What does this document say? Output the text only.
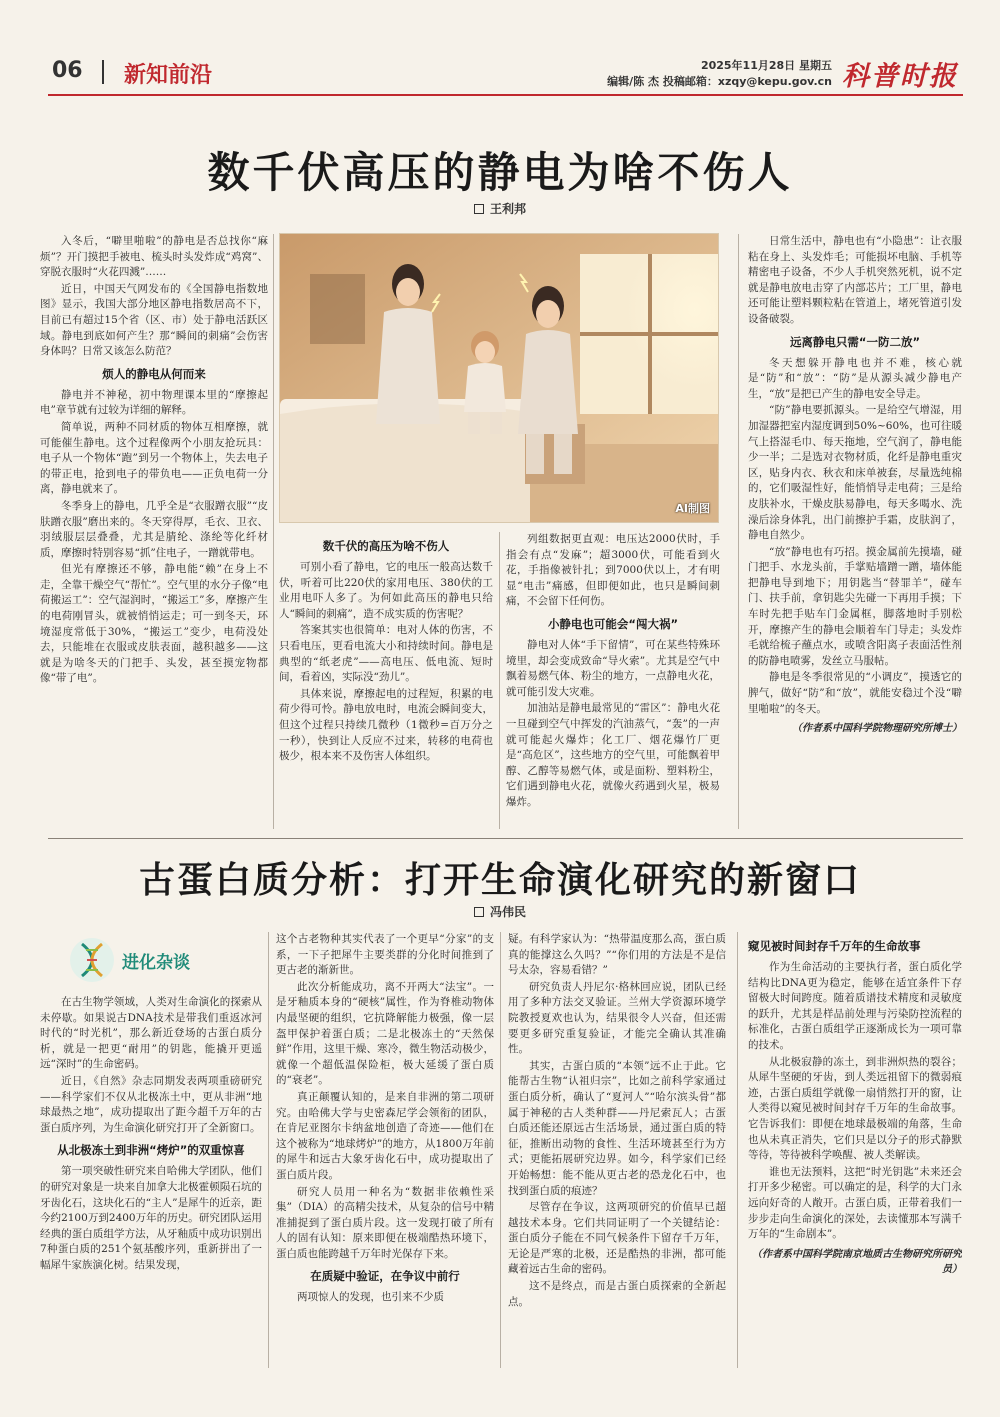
06 新知前沿	2025年11月28日 星期五
编辑/陈 杰 投稿邮箱：xzqy@kepu.gov.cn 科普时报
数千伏高压的静电为啥不伤人
王利邦

入冬后，“噼里啪啦”的静电是否总找你“麻烦”？开门摸把手被电、梳头时头发炸成“鸡窝”、穿脱衣服时“火花四溅”……

近日，中国天气网发布的《全国静电指数地图》显示，我国大部分地区静电指数居高不下，目前已有超过15个省（区、市）处于静电活跃区域。静电到底如何产生？那“瞬间的刺痛”会伤害身体吗？日常又该怎么防范？

烦人的静电从何而来

静电并不神秘，初中物理课本里的“摩擦起电”章节就有过较为详细的解释。

简单说，两种不同材质的物体互相摩擦，就可能催生静电。这个过程像两个小朋友抢玩具：电子从一个物体“跑”到另一个物体上，失去电子的带正电，抢到电子的带负电——正负电荷一分离，静电就来了。

冬季身上的静电，几乎全是“衣服蹭衣服”“皮肤蹭衣服”磨出来的。冬天穿得厚，毛衣、卫衣、羽绒服层层叠叠，尤其是腈纶、涤纶等化纤材质，摩擦时特别容易“抓”住电子，一蹭就带电。

但光有摩擦还不够，静电能“赖”在身上不走，全靠干燥空气“帮忙”。空气里的水分子像“电荷搬运工”：空气湿润时，“搬运工”多，摩擦产生的电荷刚冒头，就被悄悄运走；可一到冬天，环境湿度常低于30%，“搬运工”变少，电荷没处去，只能堆在衣服或皮肤表面，越积越多——这就是为啥冬天的门把手、头发，甚至摸宠物都像“带了电”。

AI制图
数千伏的高压为啥不伤人

可别小看了静电，它的电压一般高达数千伏，听着可比220伏的家用电压、380伏的工业用电吓人多了。为何如此高压的静电只给人“瞬间的刺痛”，造不成实质的伤害呢？

答案其实也很简单：电对人体的伤害，不只看电压，更看电流大小和持续时间。静电是典型的“纸老虎”——高电压、低电流、短时间，看着凶，实际没“劲儿”。

具体来说，摩擦起电的过程短，积累的电荷少得可怜。静电放电时，电流会瞬间变大，但这个过程只持续几微秒（1微秒=百万分之一秒），快到让人反应不过来，转移的电荷也极少，根本来不及伤害人体组织。

列组数据更直观：电压达2000伏时，手指会有点“发麻”；超3000伏，可能看到火花，手指像被针扎；到7000伏以上，才有明显“电击”痛感，但即便如此，也只是瞬间刺痛，不会留下任何伤。

小静电也可能会“闯大祸”

静电对人体“手下留情”，可在某些特殊环境里，却会变成致命“导火索”。尤其是空气中飘着易燃气体、粉尘的地方，一点静电火花，就可能引发大灾难。

加油站是静电最常见的“雷区”：静电火花一旦碰到空气中挥发的汽油蒸气，“轰”的一声就可能起火爆炸；化工厂、烟花爆竹厂更是“高危区”，这些地方的空气里，可能飘着甲醇、乙醇等易燃气体，或是面粉、塑料粉尘，它们遇到静电火花，就像火药遇到火星，极易爆炸。

日常生活中，静电也有“小隐患”：让衣服粘在身上、头发炸毛；可能损坏电脑、手机等精密电子设备，不少人手机突然死机，说不定就是静电放电击穿了内部芯片；工厂里，静电还可能让塑料颗粒粘在管道上，堵死管道引发设备破裂。

远离静电只需“一防二放”

冬天想躲开静电也并不难，核心就是“防”和“放”：“防”是从源头减少静电产生，“放”是把已产生的静电安全导走。

“防”静电要抓源头。一是给空气增湿，用加湿器把室内湿度调到50%~60%，也可往暖气上搭湿毛巾、每天拖地，空气润了，静电能少一半；二是选对衣物材质，化纤是静电重灾区，贴身内衣、秋衣和床单被套，尽量选纯棉的，它们吸湿性好，能悄悄导走电荷；三是给皮肤补水，干燥皮肤易静电，每天多喝水、洗澡后涂身体乳，出门前擦护手霜，皮肤润了，静电自然少。

“放”静电也有巧招。摸金属前先摸墙，碰门把手、水龙头前，手掌贴墙蹭一蹭，墙体能把静电导到地下；用钥匙当“替罪羊”，碰车门、扶手前，拿钥匙尖先碰一下再用手摸；下车时先把手贴车门金属框，脚落地时手别松开，摩擦产生的静电会顺着车门导走；头发炸毛就给梳子蘸点水，或喷含阳离子表面活性剂的防静电喷雾，发丝立马服帖。

静电是冬季很常见的“小调皮”，摸透它的脾气，做好“防”和“放”，就能安稳过个没“噼里啪啦”的冬天。

（作者系中国科学院物理研究所博士）

古蛋白质分析：打开生命演化研究的新窗口
冯伟民
进化杂谈

在古生物学领域，人类对生命演化的探索从未停歇。如果说古DNA技术是带我们重返冰河时代的“时光机”，那么新近登场的古蛋白质分析，就是一把更“耐用”的钥匙，能撬开更遥远“深时”的生命密码。

近日，《自然》杂志同期发表两项重磅研究——科学家们不仅从北极冻土中，更从非洲“地球最热之地”，成功提取出了距今超千万年的古蛋白质序列，为生命演化研究打开了全新窗口。

从北极冻土到非洲“烤炉”的双重惊喜

第一项突破性研究来自哈佛大学团队，他们的研究对象是一块来自加拿大北极霍顿陨石坑的牙齿化石，这块化石的“主人”是犀牛的近亲，距今约2100万到2400万年的历史。研究团队运用经典的蛋白质组学方法，从牙釉质中成功识别出7种蛋白质的251个氨基酸序列，重新拼出了一幅犀牛家族演化树。结果发现，

这个古老物种其实代表了一个更早“分家”的支系，一下子把犀牛主要类群的分化时间推到了更古老的渐新世。

此次分析能成功，离不开两大“法宝”。一是牙釉质本身的“硬核”属性，作为脊椎动物体内最坚硬的组织，它抗降解能力极强，像一层盔甲保护着蛋白质；二是北极冻土的“天然保鲜”作用，这里干燥、寒冷，微生物活动极少，就像一个超低温保险柜，极大延缓了蛋白质的“衰老”。

真正颠覆认知的，是来自非洲的第二项研究。由哈佛大学与史密森尼学会领衔的团队，在肯尼亚图尔卡纳盆地创造了奇迹——他们在这个被称为“地球烤炉”的地方，从1800万年前的犀牛和远古大象牙齿化石中，成功提取出了蛋白质片段。

研究人员用一种名为“数据非依赖性采集”（DIA）的高精尖技术，从复杂的信号中精准捕捉到了蛋白质片段。这一发现打破了所有人的固有认知：原来即便在极端酷热环境下，蛋白质也能跨越千万年时光保存下来。

在质疑中验证，在争议中前行

两项惊人的发现，也引来不少质

疑。有科学家认为：“热带温度那么高，蛋白质真的能撑这么久吗？”“你们用的方法是不是信号太杂，容易看错？”

研究负责人丹尼尔·格林回应说，团队已经用了多种方法交叉验证。兰州大学资源环境学院教授夏欢也认为，结果很令人兴奋，但还需要更多研究重复验证，才能完全确认其准确性。

其实，古蛋白质的“本领”远不止于此。它能帮古生物“认祖归宗”，比如之前科学家通过蛋白质分析，确认了“夏河人”“哈尔滨头骨”都属于神秘的古人类种群——丹尼索瓦人；古蛋白质还能还原远古生活场景，通过蛋白质的特征，推断出动物的食性、生活环境甚至行为方式；更能拓展研究边界。如今，科学家们已经开始畅想：能不能从更古老的恐龙化石中，也找到蛋白质的痕迹？

尽管存在争议，这两项研究的价值早已超越技术本身。它们共同证明了一个关键结论：蛋白质分子能在不同气候条件下留存千万年，无论是严寒的北极，还是酷热的非洲，都可能藏着远古生命的密码。

这不是终点，而是古蛋白质探索的全新起点。

窥见被时间封存千万年的生命故事

作为生命活动的主要执行者，蛋白质化学结构比DNA更为稳定，能够在适宜条件下存留极大时间跨度。随着质谱技术精度和灵敏度的跃升，尤其是样品前处理与污染防控流程的标准化，古蛋白质组学正逐渐成长为一项可靠的技术。

从北极寂静的冻土，到非洲炽热的裂谷；从犀牛坚硬的牙齿，到人类远祖留下的微弱痕迹，古蛋白质组学就像一扇悄然打开的窗，让人类得以窥见被时间封存千万年的生命故事。它告诉我们：即便在地球最极端的角落，生命也从未真正消失，它们只是以分子的形式静默等待，等待被科学唤醒、被人类解读。

谁也无法预料，这把“时光钥匙”未来还会打开多少秘密。可以确定的是，科学的大门永远向好奇的人敞开。古蛋白质，正带着我们一步步走向生命演化的深处，去读懂那本写满千万年的“生命剧本”。

（作者系中国科学院南京地质古生物研究所研究员）
